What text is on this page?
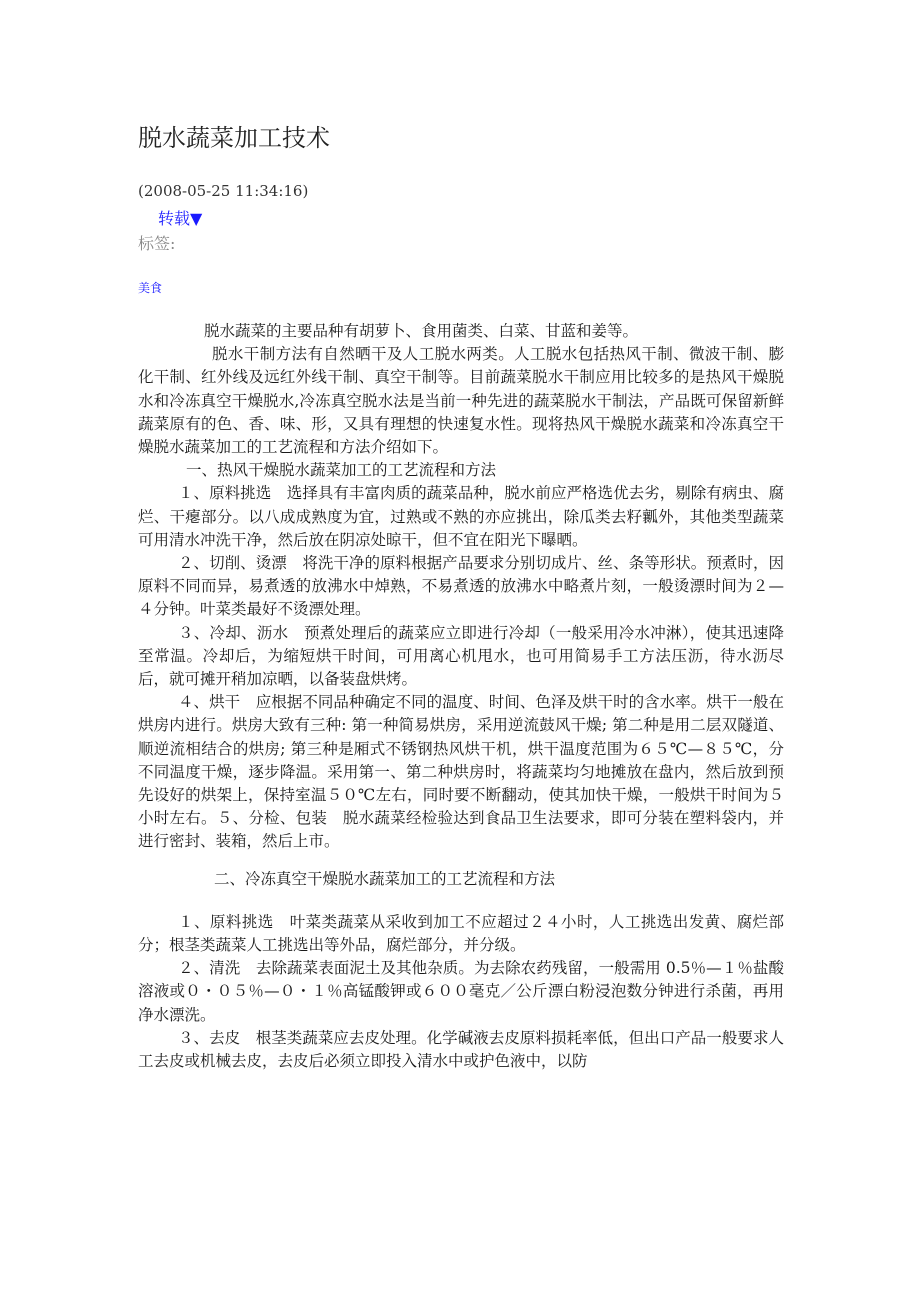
脱水蔬菜加工技术
(2008-05-25 11:34:16)
转载▼
标签:
美食

脱水蔬菜的主要品种有胡萝卜、食用菌类、白菜、甘蓝和姜等。

脱水干制方法有自然晒干及人工脱水两类。人工脱水包括热风干制、微波干制、膨化干制、红外线及远红外线干制、真空干制等。目前蔬菜脱水干制应用比较多的是热风干燥脱水和冷冻真空干燥脱水,冷冻真空脱水法是当前一种先进的蔬菜脱水干制法，产品既可保留新鲜蔬菜原有的色、香、味、形，又具有理想的快速复水性。现将热风干燥脱水蔬菜和冷冻真空干燥脱水蔬菜加工的工艺流程和方法介绍如下。

一、热风干燥脱水蔬菜加工的工艺流程和方法

１、原料挑选　选择具有丰富肉质的蔬菜品种，脱水前应严格选优去劣，剔除有病虫、腐烂、干瘪部分。以八成成熟度为宜，过熟或不熟的亦应挑出，除瓜类去籽瓤外，其他类型蔬菜可用清水冲洗干净，然后放在阴凉处晾干，但不宜在阳光下曝晒。

２、切削、烫漂　将洗干净的原料根据产品要求分别切成片、丝、条等形状。预煮时，因原料不同而异，易煮透的放沸水中焯熟，不易煮透的放沸水中略煮片刻，一般烫漂时间为２—４分钟。叶菜类最好不烫漂处理。

３、冷却、沥水　预煮处理后的蔬菜应立即进行冷却（一般采用冷水冲淋），使其迅速降至常温。冷却后，为缩短烘干时间，可用离心机甩水，也可用简易手工方法压沥，待水沥尽后，就可摊开稍加凉晒，以备装盘烘烤。

４、烘干　应根据不同品种确定不同的温度、时间、色泽及烘干时的含水率。烘干一般在烘房内进行。烘房大致有三种: 第一种简易烘房，采用逆流鼓风干燥; 第二种是用二层双隧道、顺逆流相结合的烘房; 第三种是厢式不锈钢热风烘干机，烘干温度范围为６５℃—８５℃，分不同温度干燥，逐步降温。采用第一、第二种烘房时，将蔬菜均匀地摊放在盘内，然后放到预先设好的烘架上，保持室温５０℃左右，同时要不断翻动，使其加快干燥，一般烘干时间为５小时左右。５、分检、包装　脱水蔬菜经检验达到食品卫生法要求，即可分装在塑料袋内，并进行密封、装箱，然后上市。

二、冷冻真空干燥脱水蔬菜加工的工艺流程和方法

１、原料挑选　叶菜类蔬菜从采收到加工不应超过２４小时，人工挑选出发黄、腐烂部分；根茎类蔬菜人工挑选出等外品，腐烂部分，并分级。

２、清洗　去除蔬菜表面泥土及其他杂质。为去除农药残留，一般需用 0.5％—１％盐酸溶液或０・０５％—０・１％高锰酸钾或６００毫克／公斤漂白粉浸泡数分钟进行杀菌，再用净水漂洗。

３、去皮　根茎类蔬菜应去皮处理。化学碱液去皮原料损耗率低，但出口产品一般要求人工去皮或机械去皮，去皮后必须立即投入清水中或护色液中，以防
